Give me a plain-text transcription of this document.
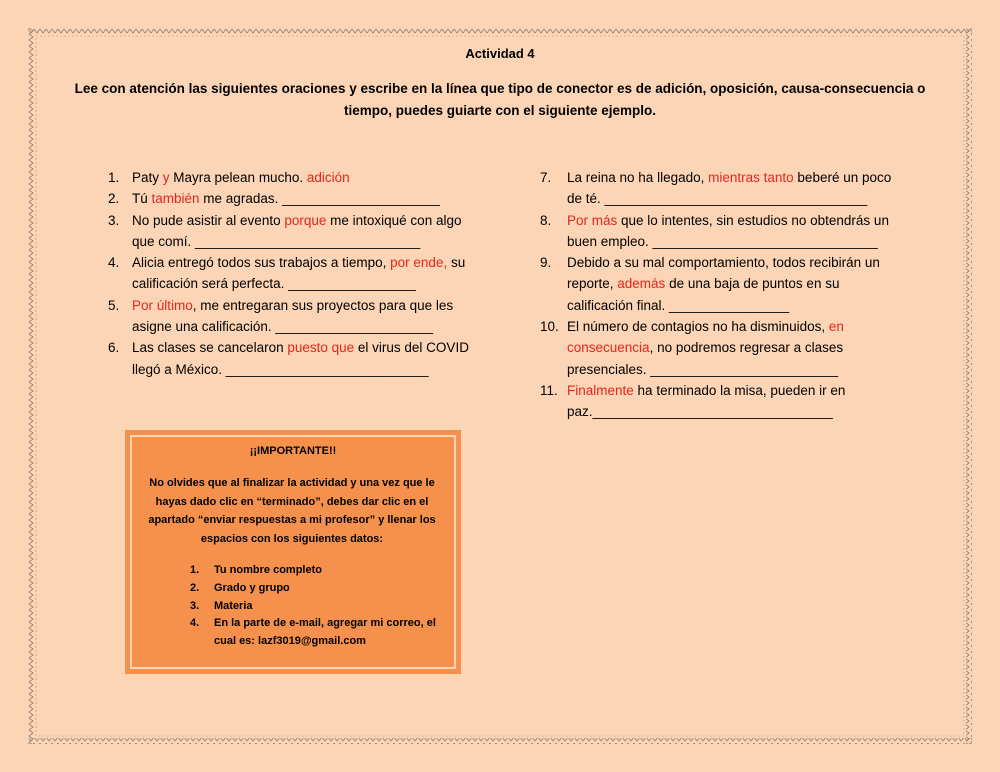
Actividad 4
Lee con atención las siguientes oraciones y escribe en la línea que tipo de conector es de adición, oposición, causa-consecuencia o tiempo, puedes guiarte con el siguiente ejemplo.
1. Paty y Mayra pelean mucho. adición
2. Tú también me agradas. _____________________
3. No pude asistir al evento porque me intoxiqué con algo
que comí. ______________________________
4. Alicia entregó todos sus trabajos a tiempo, por ende, su
calificación será perfecta. _________________
5. Por último, me entregaran sus proyectos para que les
asigne una calificación. _____________________
6. Las clases se cancelaron puesto que el virus del COVID
llegó a México. ___________________________
7.	La reina no ha llegado, mientras tanto beberé un poco
de té. ___________________________________
8.	Por más que lo intentes, sin estudios no obtendrás un
buen empleo. ______________________________
9.	Debido a su mal comportamiento, todos recibirán un
reporte, además de una baja de puntos en su
calificación final. ________________
10. El número de contagios no ha disminuidos, en
consecuencia, no podremos regresar a clases
presenciales. _________________________
11. Finalmente ha terminado la misa, pueden ir en
paz.________________________________
¡¡IMPORTANTE!!
No olvides que al finalizar la actividad y una vez que le hayas dado clic en “terminado”, debes dar clic en el apartado “enviar respuestas a mi profesor” y llenar los espacios con los siguientes datos:
1.	Tu nombre completo
2.	Grado y grupo
3.	Materia
4.	En la parte de e-mail, agregar mi correo, el cual es: lazf3019@gmail.com
